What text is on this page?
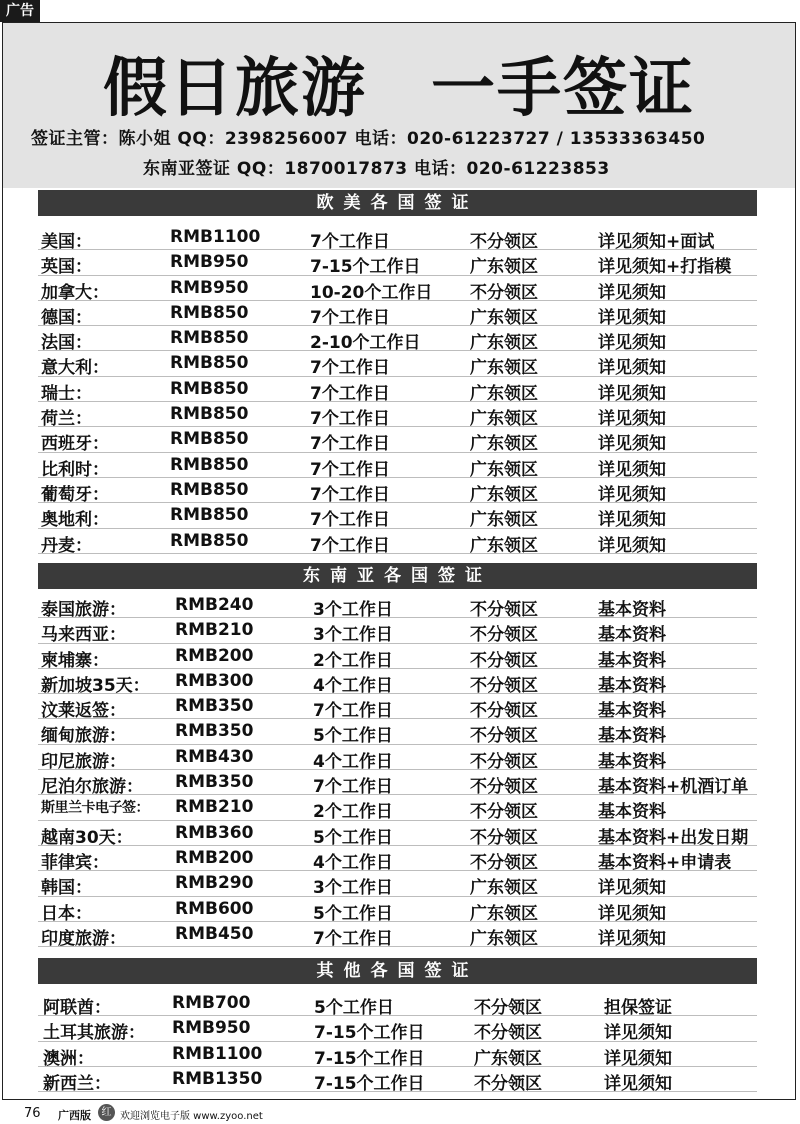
广告
假日旅游 一手签证
签证主管：陈小姐 QQ：2398256007 电话：020-61223727 / 13533363450
东南亚签证 QQ：1870017873 电话：020-61223853
欧美各国签证
美国：	RMB1100	7个工作日	不分领区	详见须知+面试
英国：	RMB950	7-15个工作日	广东领区	详见须知+打指模
加拿大：	RMB950	10-20个工作日 不分领区	详见须知
德国：	RMB850	7个工作日	广东领区	详见须知
法国：	RMB850	2-10个工作日	广东领区	详见须知
意大利：	RMB850	7个工作日	广东领区	详见须知
瑞士：	RMB850	7个工作日	广东领区	详见须知
荷兰：	RMB850	7个工作日	广东领区	详见须知
西班牙：	RMB850	7个工作日	广东领区	详见须知
比利时：	RMB850	7个工作日	广东领区	详见须知
葡萄牙：	RMB850	7个工作日	广东领区	详见须知
奥地利：	RMB850	7个工作日	广东领区	详见须知
丹麦：	RMB850	7个工作日	广东领区	详见须知
东南亚各国签证
泰国旅游：	RMB240	3个工作日	不分领区	基本资料
马来西亚：	RMB210	3个工作日	不分领区	基本资料
柬埔寨：	RMB200	2个工作日	不分领区	基本资料
新加坡35天： RMB300	4个工作日	不分领区	基本资料
汶莱返签：	RMB350	7个工作日	不分领区	基本资料
缅甸旅游：	RMB350	5个工作日	不分领区	基本资料
印尼旅游：	RMB430	4个工作日	不分领区	基本资料
尼泊尔旅游： RMB350	7个工作日	不分领区	基本资料+机酒订单
斯里兰卡电子签： RMB210	2个工作日	不分领区	基本资料
越南30天： RMB360	5个工作日	不分领区	基本资料+出发日期
菲律宾：	RMB200	4个工作日	不分领区	基本资料+申请表
韩国：	RMB290	3个工作日	广东领区	详见须知
日本：	RMB600	5个工作日	广东领区	详见须知
印度旅游：	RMB450	7个工作日	广东领区	详见须知
其他各国签证
阿联酋：	RMB700	5个工作日	不分领区	担保签证
土耳其旅游： RMB950	7-15个工作日	不分领区	详见须知
澳洲：	RMB1100	7-15个工作日	广东领区	详见须知
新西兰：	RMB1350	7-15个工作日	不分领区	详见须知
76 广西版	红 欢迎浏览电子版 www.zyoo.net
